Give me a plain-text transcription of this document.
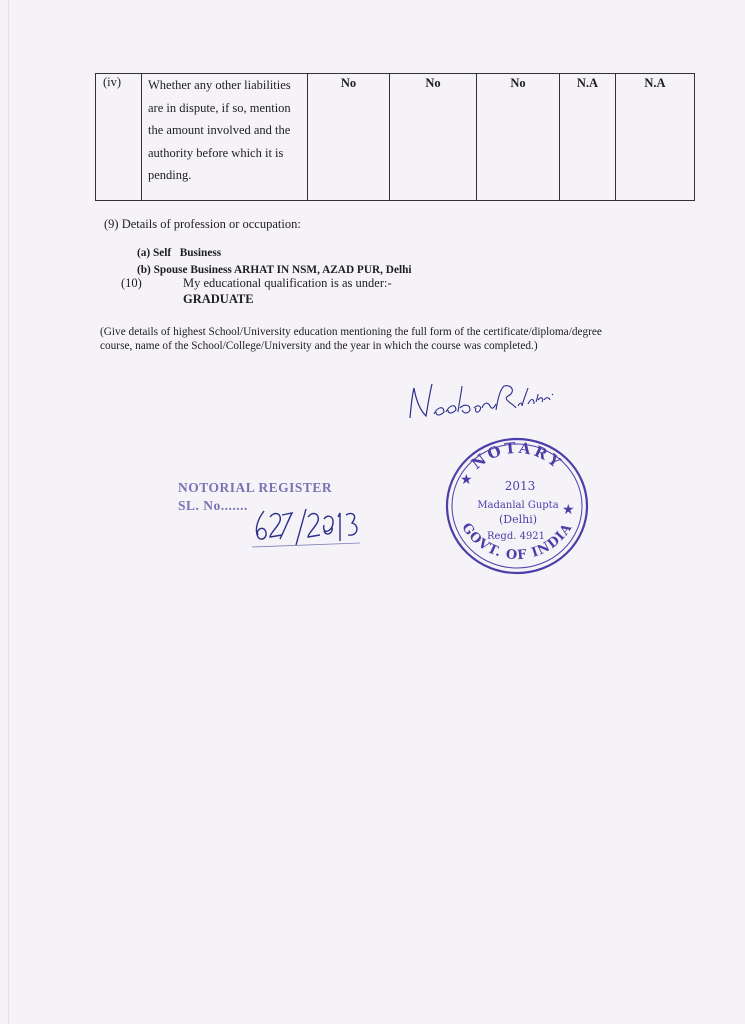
(iv)	Whether any other liabilities
are in dispute, if so, mention
the amount involved and the
authority before which it is
pending.
	No	No	No	N.A	N.A
(9) Details of profession or occupation:
(a) Self Business
(b) Spouse Business ARHAT IN NSM, AZAD PUR, Delhi
(10)	My educational qualification is as under:-
GRADUATE
(Give details of highest School/University education mentioning the full form of the certificate/diploma/degree
course, name of the School/College/University and the year in which the course was completed.)
NOTORIAL REGISTER
SL. No.......
NOTARY
GOVT. OF INDIA
★
★
2013
Madanlal Gupta
(Delhi)
Regd. 4921
